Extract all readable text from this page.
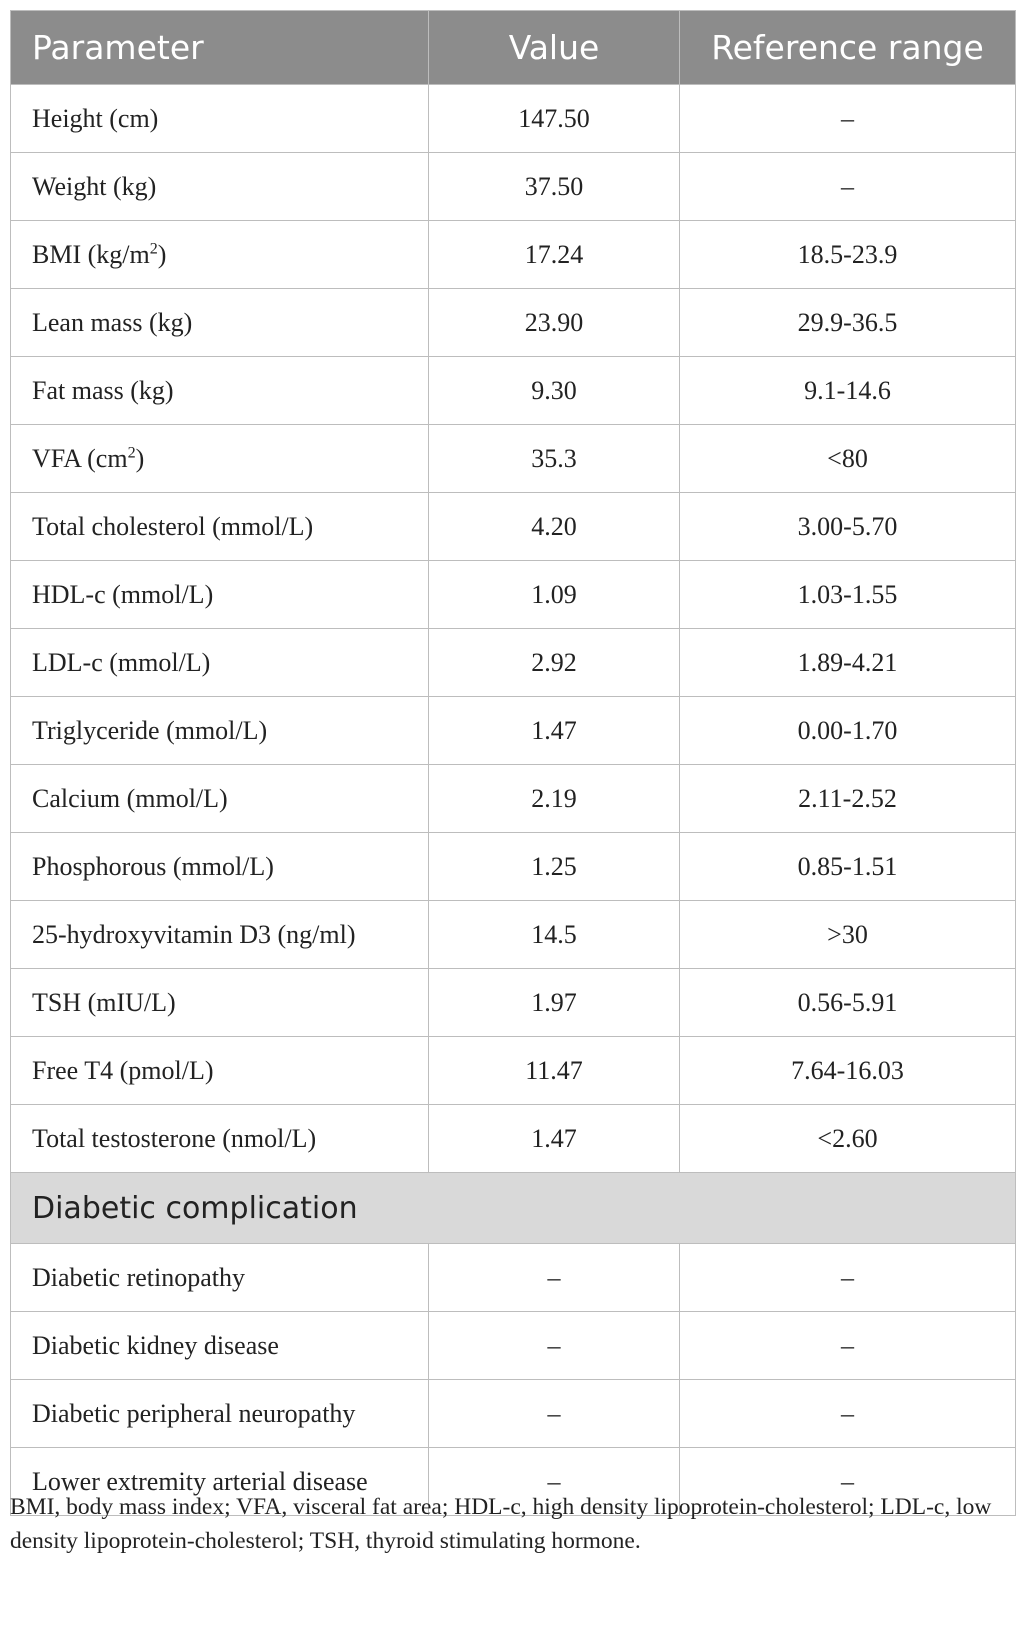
Parameter	Value	Reference range
Height (cm)	147.50	–
Weight (kg)	37.50	–
BMI $(kg/m^2)$	17.24	18.5-23.9
Lean mass (kg)	23.90	29.9-36.5
Fat mass (kg)	9.30	9.1-14.6
VFA $(cm^2)$	35.3	<80
Total cholesterol (mmol/L)	4.20	3.00-5.70
HDL-c (mmol/L)	1.09	1.03-1.55
LDL-c (mmol/L)	2.92	1.89-4.21
Triglyceride (mmol/L)	1.47	0.00-1.70
Calcium (mmol/L)	2.19	2.11-2.52
Phosphorous (mmol/L)	1.25	0.85-1.51
25-hydroxyvitamin D3 (ng/ml)	14.5	>30
TSH (mIU/L)	1.97	0.56-5.91
Free T4 (pmol/L)	11.47	7.64-16.03
Total testosterone (nmol/L)	1.47	<2.60
Diabetic complication		
Diabetic retinopathy	–	–
Diabetic kidney disease	–	–
Diabetic peripheral neuropathy	–	–
Lower extremity arterial disease	–	–
BMI, body mass index; VFA, visceral fat area; HDL-c, high density lipoprotein-cholesterol; LDL-c, low density lipoprotein-cholesterol; TSH, thyroid stimulating hormone.
